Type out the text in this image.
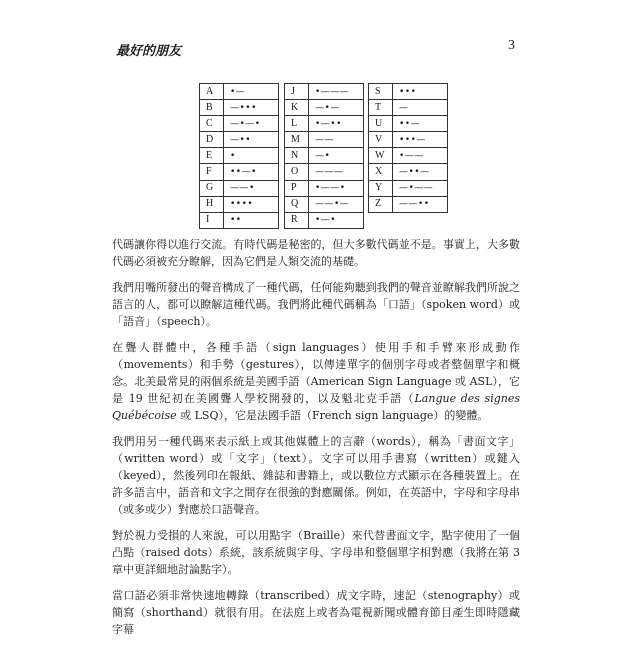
最好的朋友	3
A	•—
B	—•••
C	—•—•
D	—••
E	•
F	••—•
G	——•
H	••••
I	••
J	•———
K	—•—
L	•—••
M	——
N	—•
O	———
P	•——•
Q	——•—
R	•—•
S	•••
T	—
U	••—
V	•••—
W	•——
X	—••—
Y	—•——
Z	——••

代碼讓你得以進行交流。有時代碼是秘密的，但大多數代碼並不是。事實上，大多數代碼必須被充分瞭解，因為它們是人類交流的基礎。

我們用嘴所發出的聲音構成了一種代碼，任何能夠聽到我們的聲音並瞭解我們所說之語言的人，都可以瞭解這種代碼。我們將此種代碼稱為「口語」（spoken word）或「語音」（speech）。

在聾人群體中，各種手語（sign languages）使用手和手臂來形成動作（movements）和手勢（gestures），以傳達單字的個別字母或者整個單字和概念。北美最常見的兩個系統是美國手語（American Sign Language 或 ASL），它是 19 世紀初在美國聾人學校開發的，以及魁北克手語（Langue des signes Québécoise 或 LSQ），它是法國手語（French sign language）的變體。

我們用另一種代碼來表示紙上或其他媒體上的言辭（words），稱為「書面文字」（written word）或「文字」（text）。文字可以用手書寫（written）或鍵入（keyed），然後列印在報紙、雜誌和書籍上，或以數位方式顯示在各種裝置上。在許多語言中，語音和文字之間存在很強的對應關係。例如，在英語中，字母和字母串（或多或少）對應於口語聲音。

對於視力受損的人來說，可以用點字（Braille）來代替書面文字，點字使用了一個凸點（raised dots）系統，該系統與字母、字母串和整個單字相對應（我將在第 3 章中更詳細地討論點字）。

當口語必須非常快速地轉錄（transcribed）成文字時，速記（stenography）或簡寫（shorthand）就很有用。在法庭上或者為電視新聞或體育節目產生即時隱藏字幕
